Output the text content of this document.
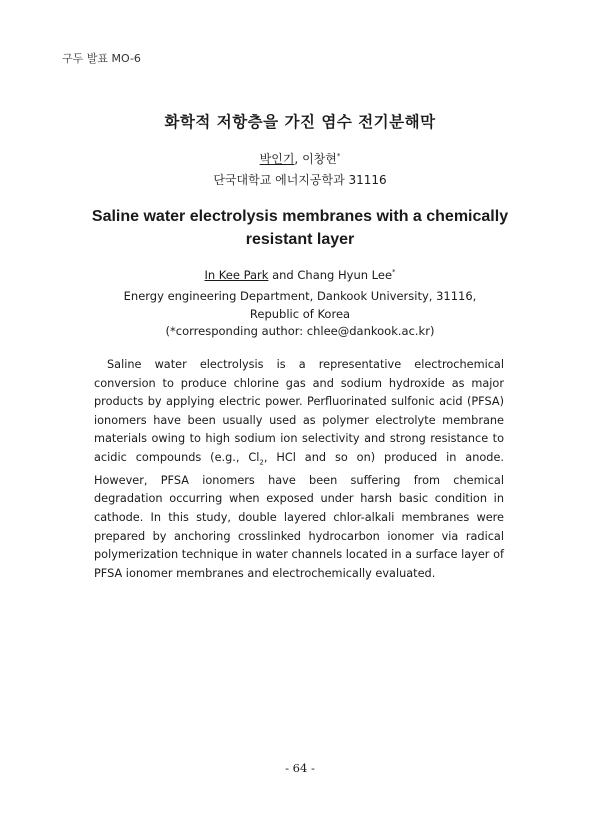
구두 발표 MO-6
화학적 저항층을 가진 염수 전기분해막
박인기, 이창현*
단국대학교 에너지공학과 31116
Saline water electrolysis membranes with a chemically
resistant layer
In Kee Park and Chang Hyun Lee*
Energy engineering Department, Dankook University, 31116,
Republic of Korea
(*corresponding author: chlee@dankook.ac.kr)
Saline water electrolysis is a representative electrochemical conversion to produce chlorine gas and sodium hydroxide as major products by applying electric power. Perfluorinated sulfonic acid (PFSA) ionomers have been usually used as polymer electrolyte membrane materials owing to high sodium ion selectivity and strong resistance to acidic compounds (e.g., $Cl_2$, HCl and so on) produced in anode. However, PFSA ionomers have been suffering from chemical degradation occurring when exposed under harsh basic condition in cathode. In this study, double layered chlor-alkali membranes were prepared by anchoring crosslinked hydrocarbon ionomer via radical polymerization technique in water channels located in a surface layer of PFSA ionomer membranes and electrochemically evaluated.
- 64 -
